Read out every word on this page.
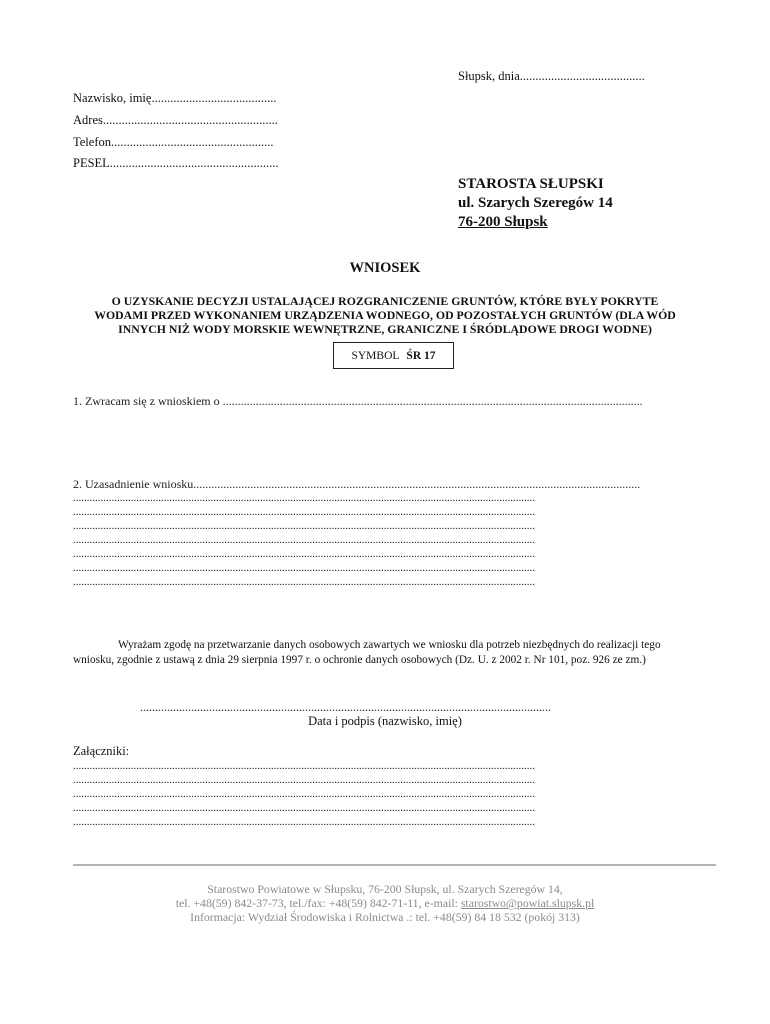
Słupsk, dnia........................................
Nazwisko, imię........................................
Adres........................................................
Telefon....................................................
PESEL......................................................
STAROSTA SŁUPSKI
ul. Szarych Szeregów 14
76-200 Słupsk
WNIOSEK
O UZYSKANIE DECYZJI USTALAJĄCEJ ROZGRANICZENIE GRUNTÓW, KTÓRE BYŁY POKRYTE
WODAMI PRZED WYKONANIEM URZĄDZENIA WODNEGO, OD POZOSTAŁYCH GRUNTÓW (DLA WÓD
INNYCH NIŻ WODY MORSKIE WEWNĘTRZNE, GRANICZNE I ŚRÓDLĄDOWE DROGI WODNE)
SYMBOL ŚR 17
1. Zwracam się z wnioskiem o ............................................................................................................................................
2. Uzasadnienie wniosku.....................................................................................................................................................
........................................................................................................................................................................
........................................................................................................................................................................
........................................................................................................................................................................
........................................................................................................................................................................
........................................................................................................................................................................
........................................................................................................................................................................
........................................................................................................................................................................
Wyrażam zgodę na przetwarzanie danych osobowych zawartych we wniosku dla potrzeb niezbędnych do realizacji tego
wniosku, zgodnie z ustawą z dnia 29 sierpnia 1997 r. o ochronie danych osobowych (Dz. U. z 2002 r. Nr 101, poz. 926 ze zm.)
.........................................................................................................................................
Data i podpis (nazwisko, imię)
Załączniki:
........................................................................................................................................................................
........................................................................................................................................................................
........................................................................................................................................................................
........................................................................................................................................................................
........................................................................................................................................................................
Starostwo Powiatowe w Słupsku, 76-200 Słupsk, ul. Szarych Szeregów 14,
tel. +48(59) 842-37-73, tel./fax: +48(59) 842-71-11, e-mail: starostwo@powiat.slupsk.pl
Informacja: Wydział Środowiska i Rolnictwa .: tel. +48(59) 84 18 532 (pokój 313)
